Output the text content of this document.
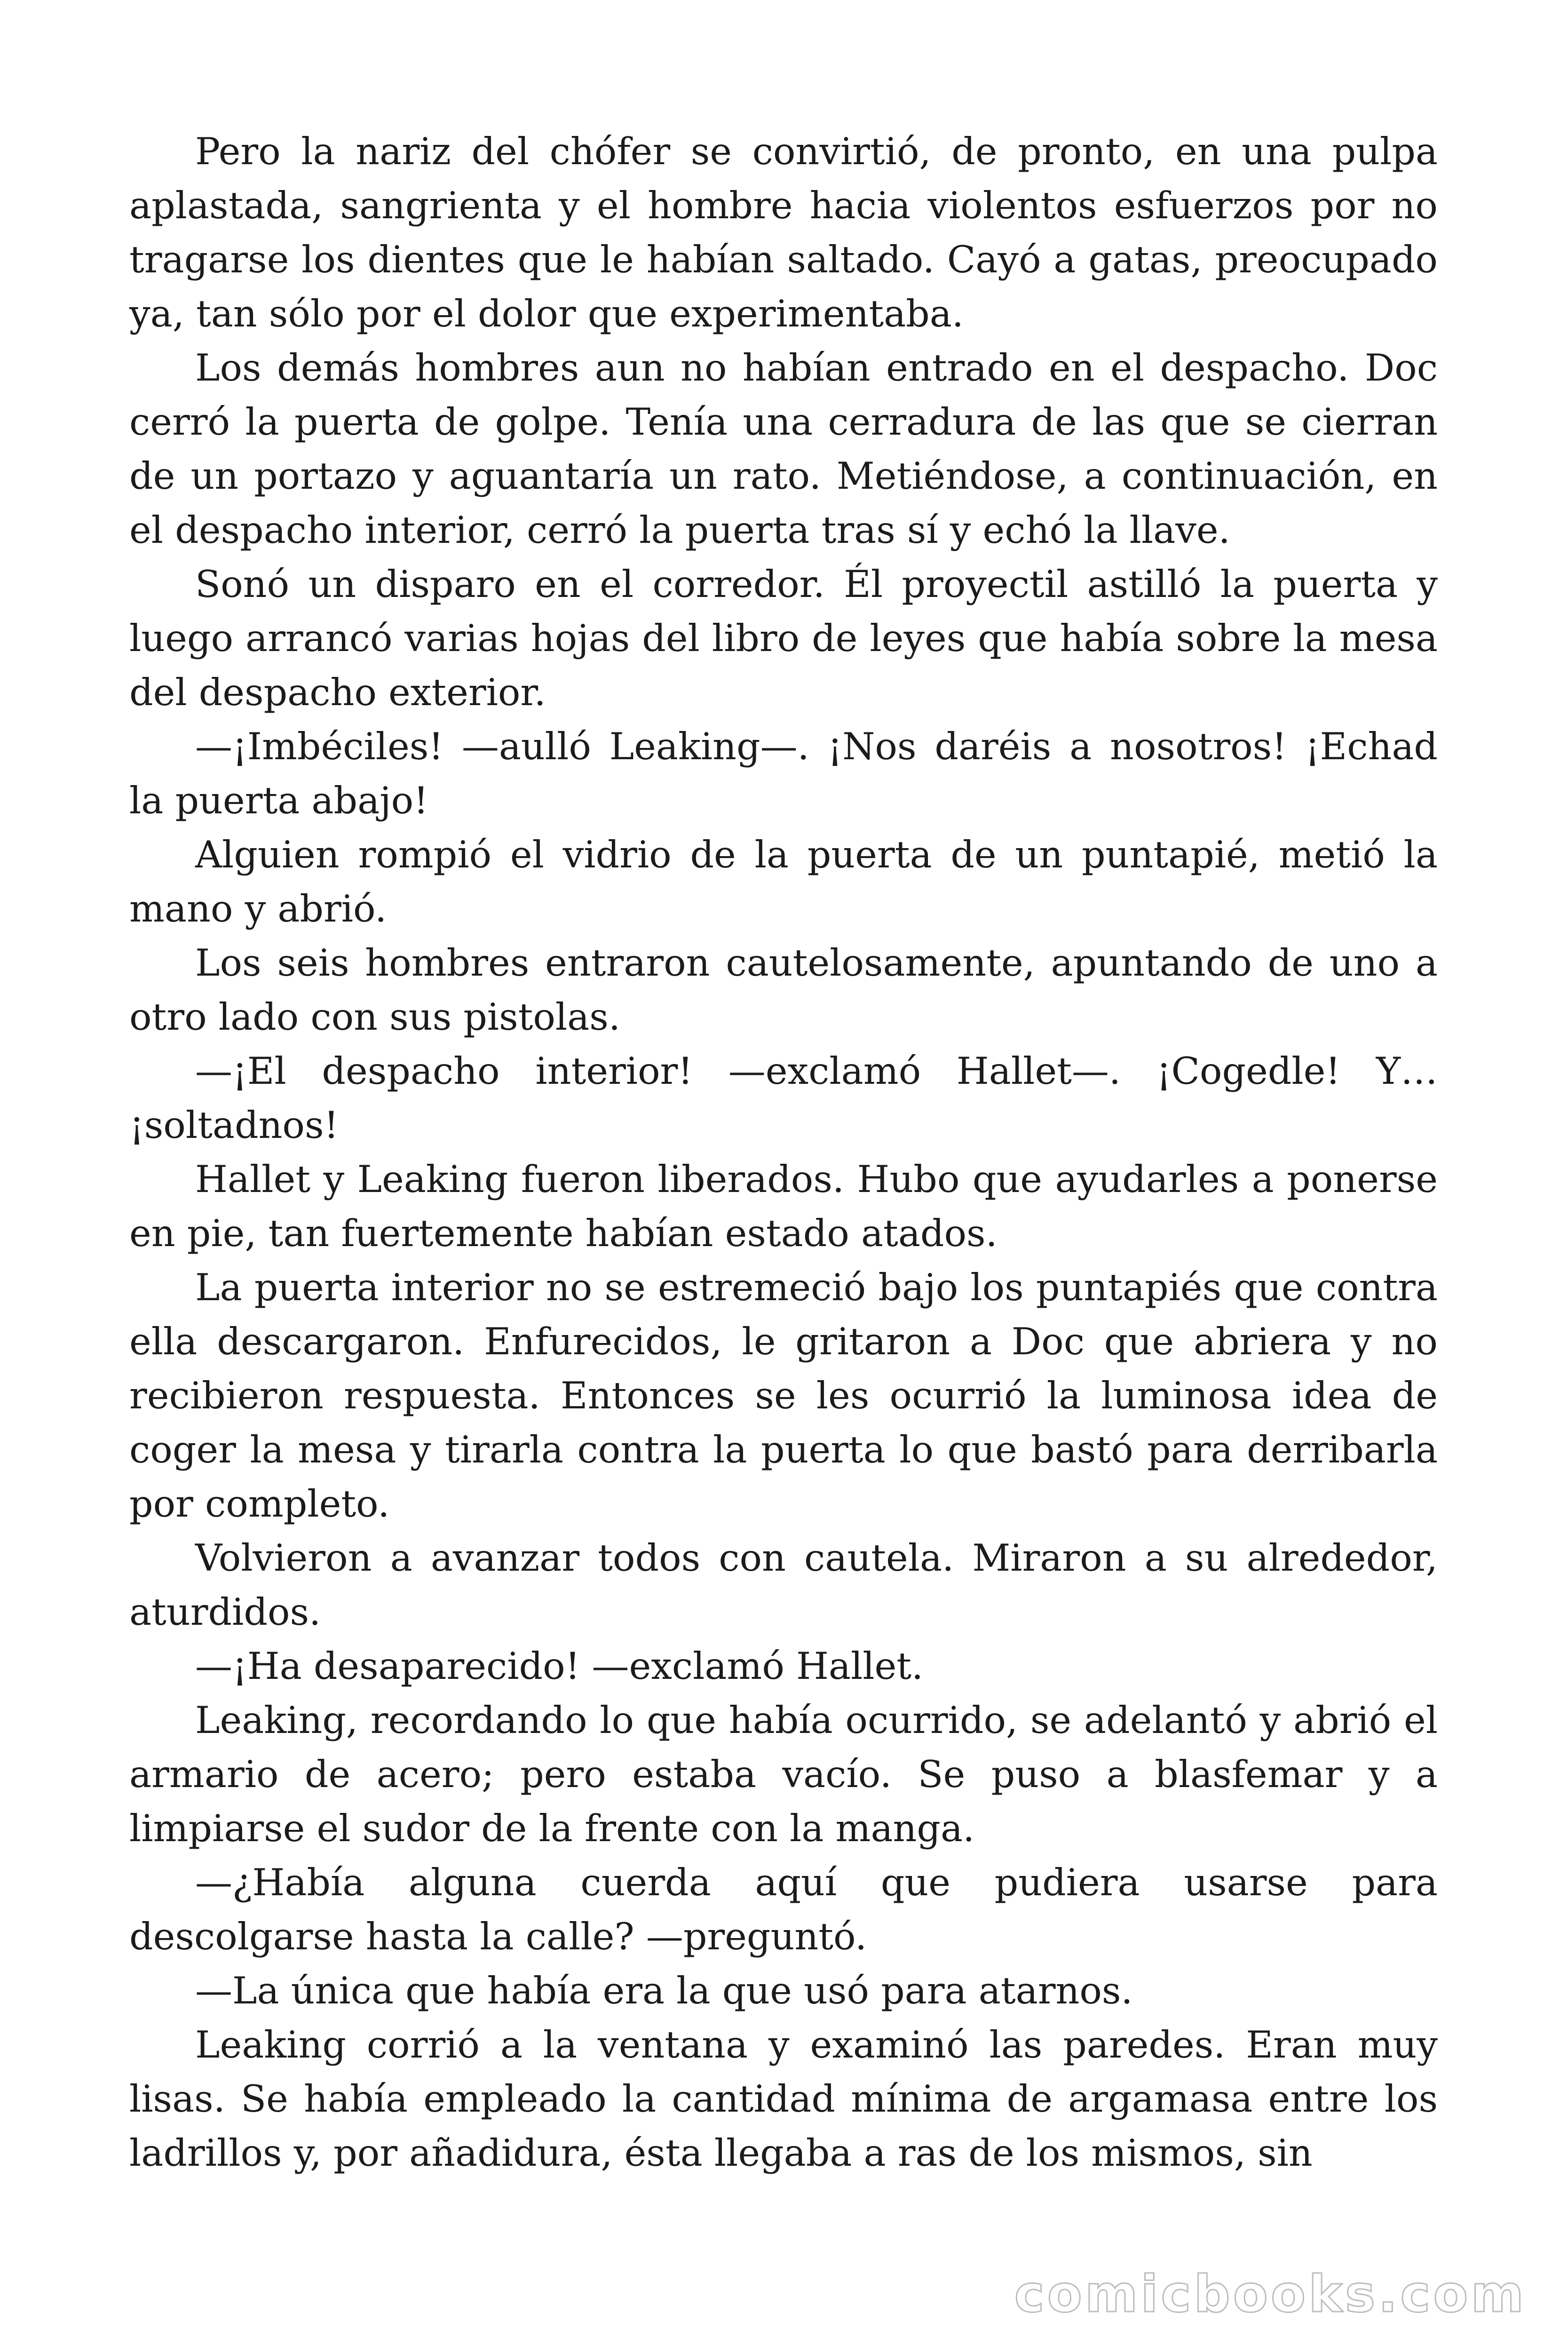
Pero la nariz del chófer se convirtió, de pronto, en una pulpa aplastada, sangrienta y el hombre hacia violentos esfuerzos por no tragarse los dientes que le habían saltado. Cayó a gatas, preocupado ya, tan sólo por el dolor que experimentaba.

Los demás hombres aun no habían entrado en el despacho. Doc cerró la puerta de golpe. Tenía una cerradura de las que se cierran de un portazo y aguantaría un rato. Metiéndose, a continuación, en el despacho interior, cerró la puerta tras sí y echó la llave.

Sonó un disparo en el corredor. Él proyectil astilló la puerta y luego arrancó varias hojas del libro de leyes que había sobre la mesa del despacho exterior.

—¡Imbéciles! —aulló Leaking—. ¡Nos daréis a nosotros! ¡Echad la puerta abajo!

Alguien rompió el vidrio de la puerta de un puntapié, metió la mano y abrió.

Los seis hombres entraron cautelosamente, apuntando de uno a otro lado con sus pistolas.

—¡El despacho interior! —exclamó Hallet—. ¡Cogedle! Y… ¡soltadnos!

Hallet y Leaking fueron liberados. Hubo que ayudarles a ponerse en pie, tan fuertemente habían estado atados.

La puerta interior no se estremeció bajo los puntapiés que contra ella descargaron. Enfurecidos, le gritaron a Doc que abriera y no recibieron respuesta. Entonces se les ocurrió la luminosa idea de coger la mesa y tirarla contra la puerta lo que bastó para derribarla por completo.

Volvieron a avanzar todos con cautela. Miraron a su alrededor, aturdidos.

—¡Ha desaparecido! —exclamó Hallet.

Leaking, recordando lo que había ocurrido, se adelantó y abrió el armario de acero; pero estaba vacío. Se puso a blasfemar y a limpiarse el sudor de la frente con la manga.

—¿Había alguna cuerda aquí que pudiera usarse para descolgarse hasta la calle? —preguntó.

—La única que había era la que usó para atarnos.

Leaking corrió a la ventana y examinó las paredes. Eran muy lisas. Se había empleado la cantidad mínima de argamasa entre los ladrillos y, por añadidura, ésta llegaba a ras de los mismos, sin

comicbooks.com
